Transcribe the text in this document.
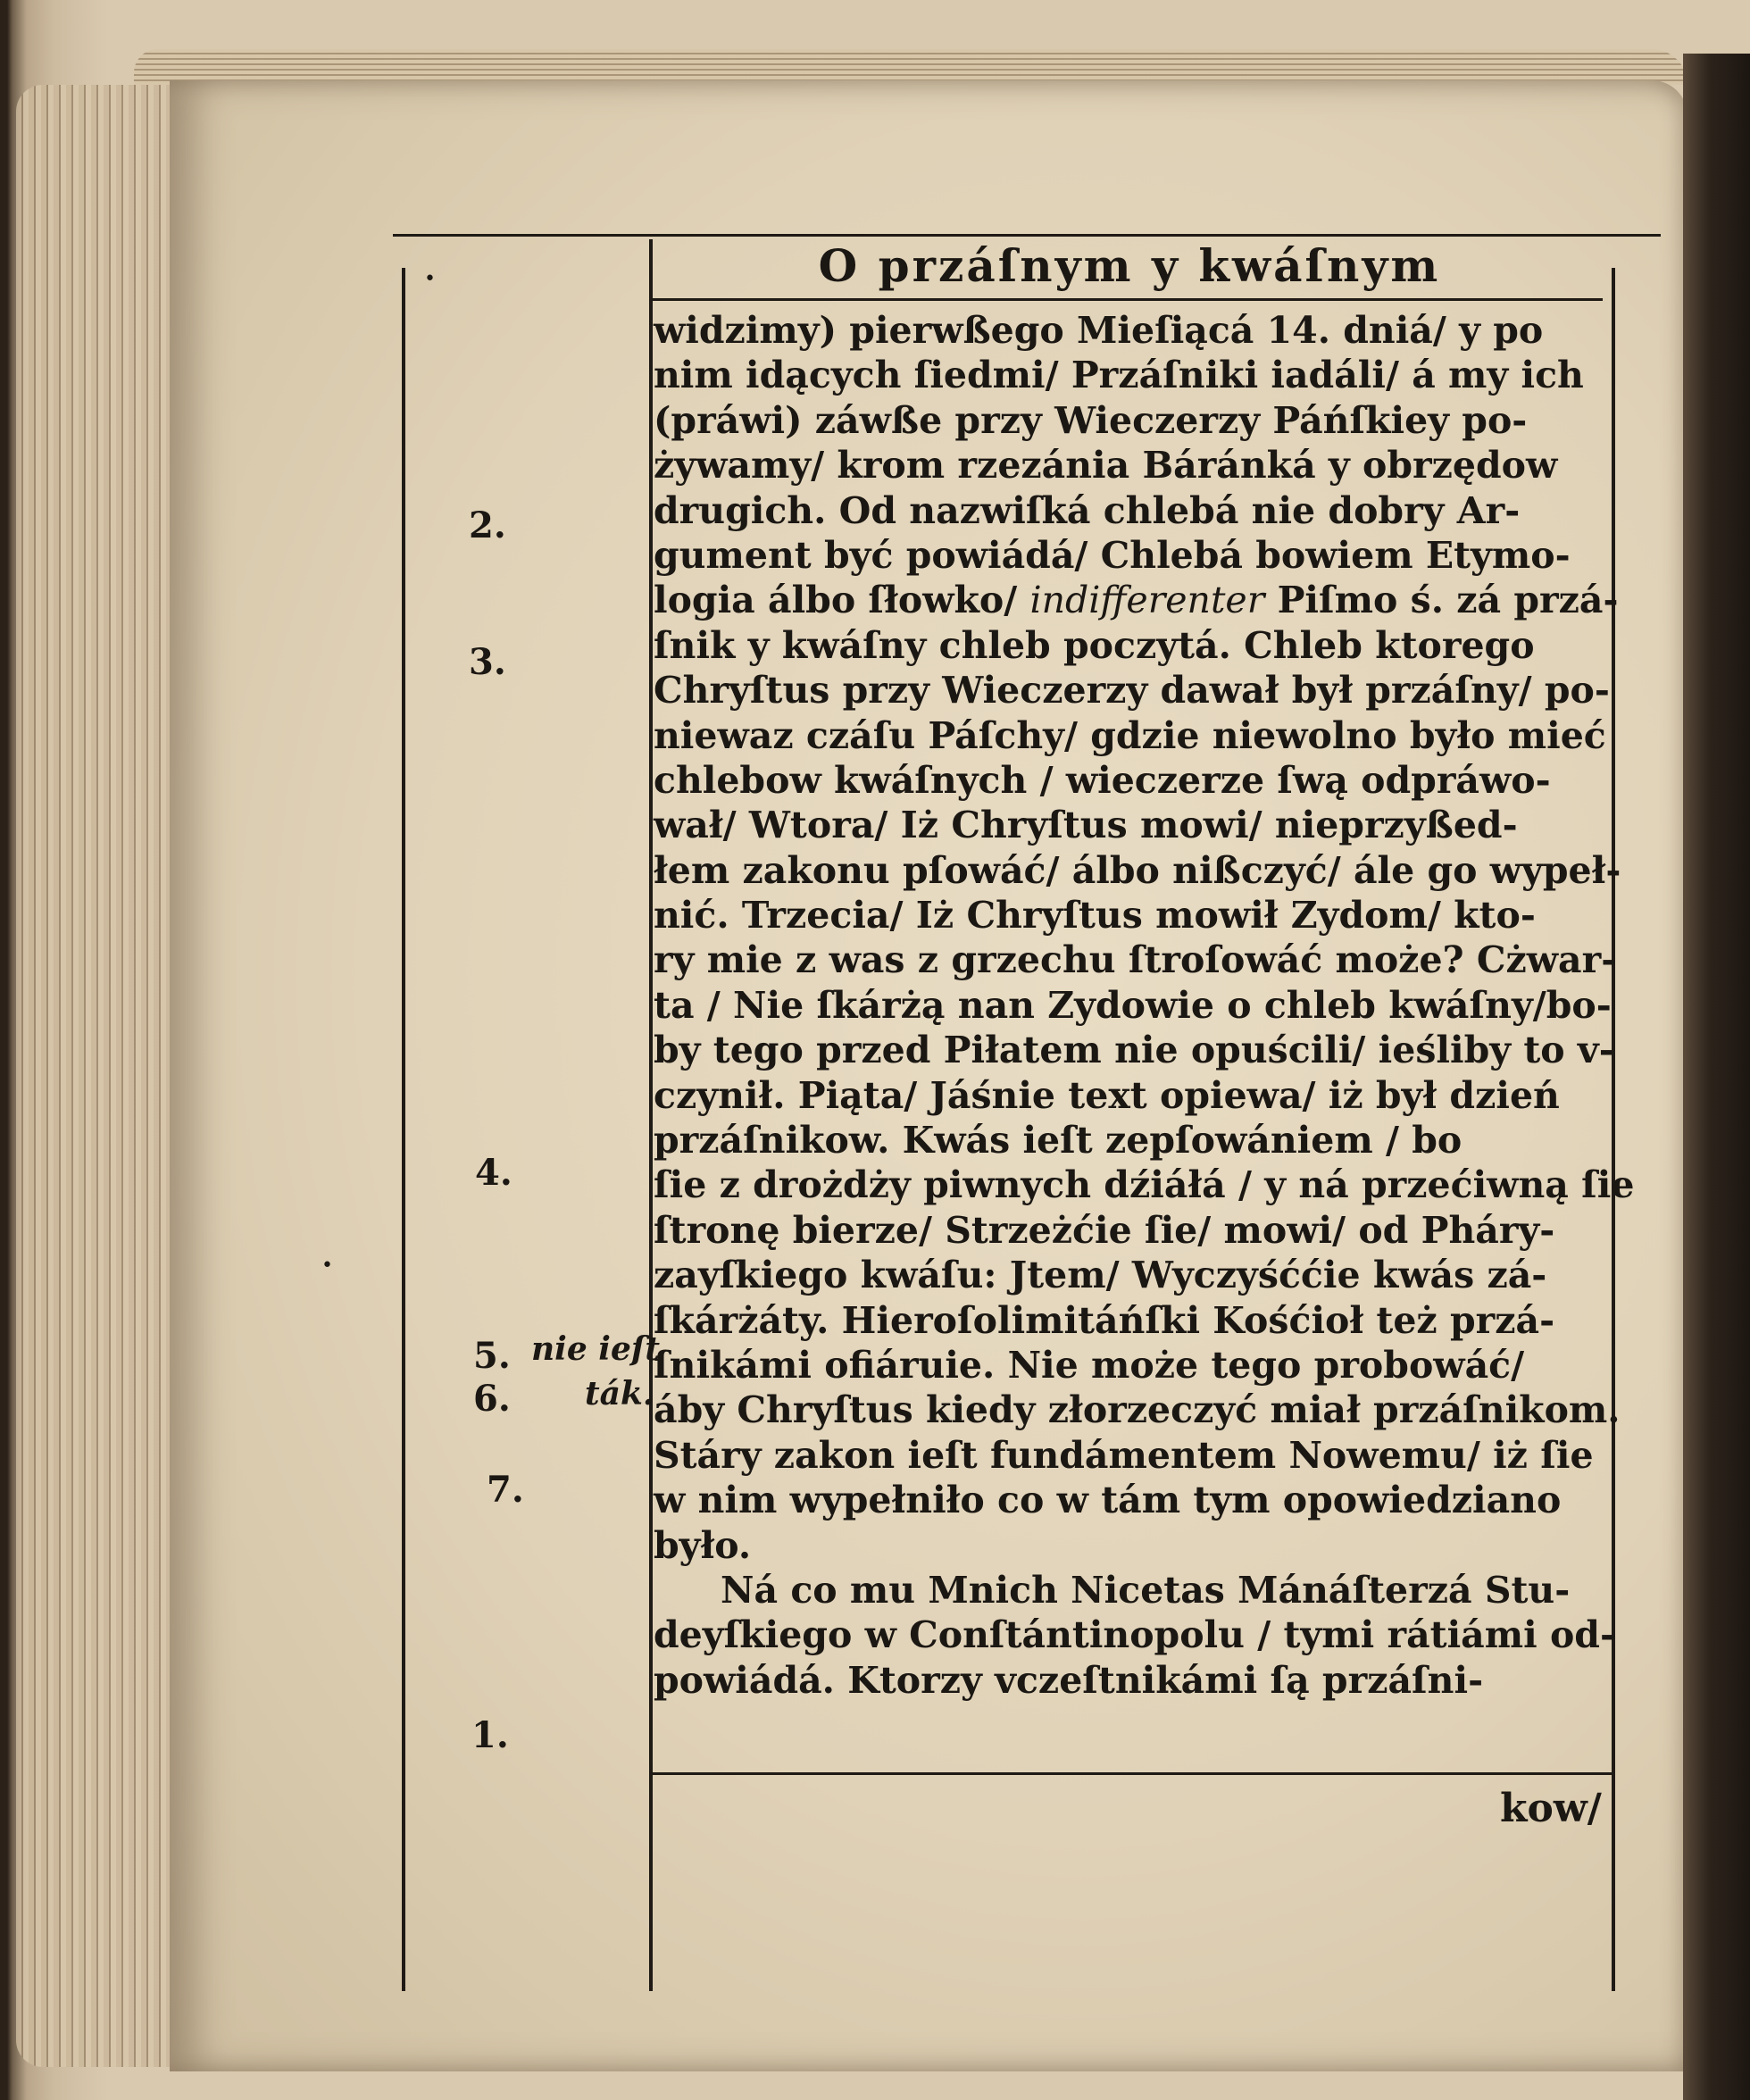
O przáſnym y kwáſnym
widzimy) pierwßego Mieſiącá 14. dniá/ y po
nim idących ſiedmi/ Przáſniki iadáli/ á my ich
(práwi) záwße przy Wieczerzy Páńſkiey po-
żywamy/ krom rzezánia Báránká y obrzędow
drugich. Od nazwiſká chlebá nie dobry Ar-
gument być powiádá/ Chlebá bowiem Etymo-
logia álbo ſłowko/ indifferenter Piſmo ś. zá przá-
ſnik y kwáſny chleb poczytá. Chleb ktorego
Chryſtus przy Wieczerzy dawał był przáſny/ po-
niewaz czáſu Páſchy/ gdzie niewolno było mieć
chlebow kwáſnych / wieczerze ſwą odpráwo-
wał/ Wtora/ Iż Chryſtus mowi/ nieprzyßed-
łem zakonu pſowáć/ álbo nißczyć/ ále go wypeł-
nić. Trzecia/ Iż Chryſtus mowił Zydom/ kto-
ry mie z was z grzechu ſtroſowáć może? Cżwar-
ta / Nie ſkárżą nan Zydowie o chleb kwáſny/bo-
by tego przed Piłatem nie opuścili/ ieśliby to v-
czynił. Piąta/ Jáśnie text opiewa/ iż był dzień
przáſnikow. Kwás ieſt zepſowániem / bo
ſie z drożdży piwnych dźiáłá / y ná przećiwną ſie
ſtronę bierze/ Strzeżćie ſie/ mowi/ od Pháry-
zayſkiego kwáſu: Jtem/ Wyczyśććie kwás zá-
ſkárżáty. Hieroſolimitáńſki Kośćioł też przá-
ſnikámi ofiáruie. Nie może tego probowáć/
áby Chryſtus kiedy złorzeczyć miał przáſnikom.
Stáry zakon ieſt fundámentem Nowemu/ iż ſie
w nim wypełniło co w tám tym opowiedziano
było.
Ná co mu Mnich Nicetas Mánáſterzá Stu-
deyſkiego w Conſtántinopolu / tymi rátiámi od-
powiádá. Ktorzy vczeſtnikámi ſą przáſni-
kow/
•
2.
3.
4.
•
5. nie ieſt
6. ták.
7.
1.
